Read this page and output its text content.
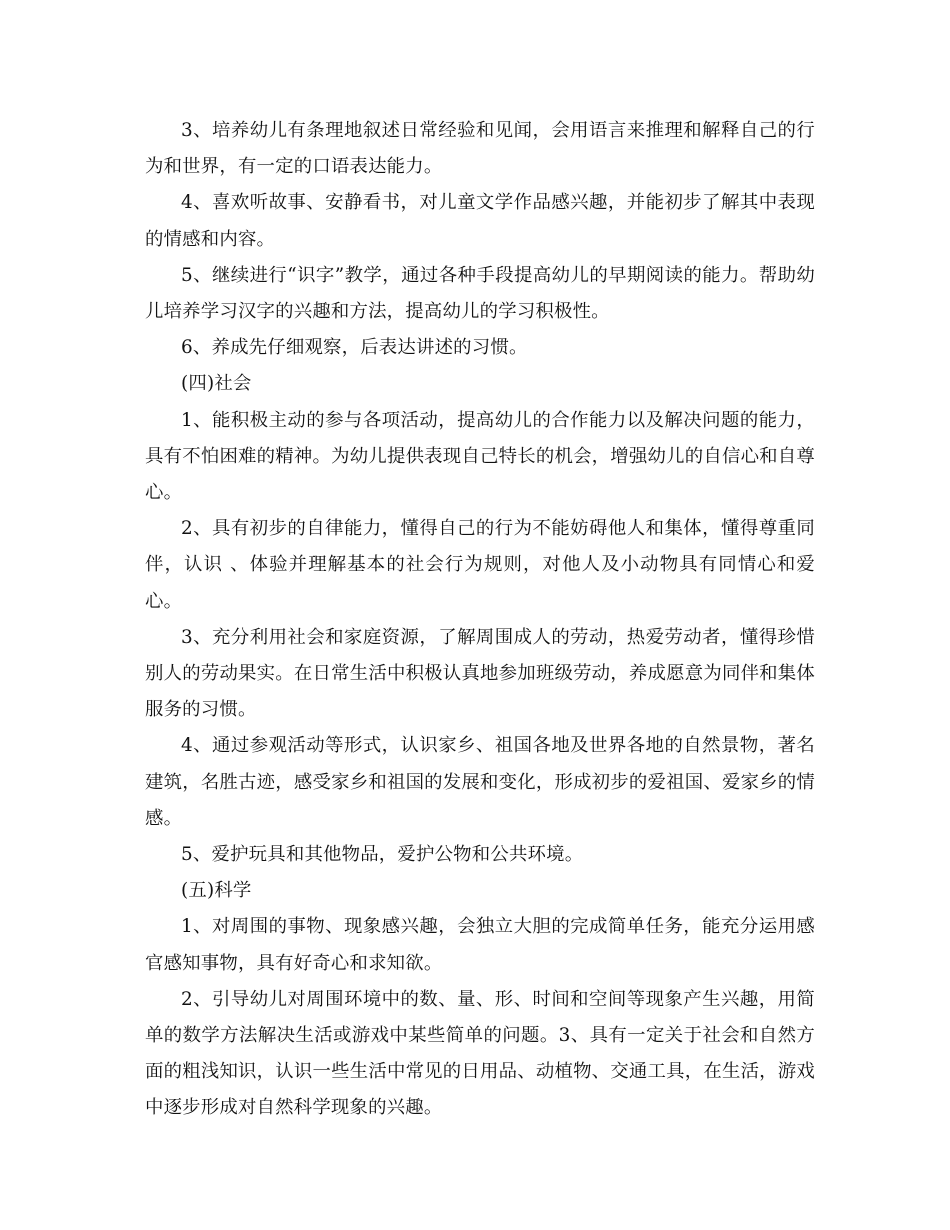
3、培养幼儿有条理地叙述日常经验和见闻，会用语言来推理和解释自己的行为和世界，有一定的口语表达能力。

4、喜欢听故事、安静看书，对儿童文学作品感兴趣，并能初步了解其中表现的情感和内容。

5、继续进行“识字”教学，通过各种手段提高幼儿的早期阅读的能力。帮助幼儿培养学习汉字的兴趣和方法，提高幼儿的学习积极性。

6、养成先仔细观察，后表达讲述的习惯。

(四)社会

1、能积极主动的参与各项活动，提高幼儿的合作能力以及解决问题的能力，具有不怕困难的精神。为幼儿提供表现自己特长的机会，增强幼儿的自信心和自尊心。

2、具有初步的自律能力，懂得自己的行为不能妨碍他人和集体，懂得尊重同伴，认识 、体验并理解基本的社会行为规则，对他人及小动物具有同情心和爱心。

3、充分利用社会和家庭资源，了解周围成人的劳动，热爱劳动者，懂得珍惜别人的劳动果实。在日常生活中积极认真地参加班级劳动，养成愿意为同伴和集体服务的习惯。

4、通过参观活动等形式，认识家乡、祖国各地及世界各地的自然景物，著名建筑，名胜古迹，感受家乡和祖国的发展和变化，形成初步的爱祖国、爱家乡的情感。

5、爱护玩具和其他物品，爱护公物和公共环境。

(五)科学

1、对周围的事物、现象感兴趣，会独立大胆的完成简单任务，能充分运用感官感知事物，具有好奇心和求知欲。

2、引导幼儿对周围环境中的数、量、形、时间和空间等现象产生兴趣，用简单的数学方法解决生活或游戏中某些简单的问题。3、具有一定关于社会和自然方面的粗浅知识，认识一些生活中常见的日用品、动植物、交通工具，在生活，游戏中逐步形成对自然科学现象的兴趣。
